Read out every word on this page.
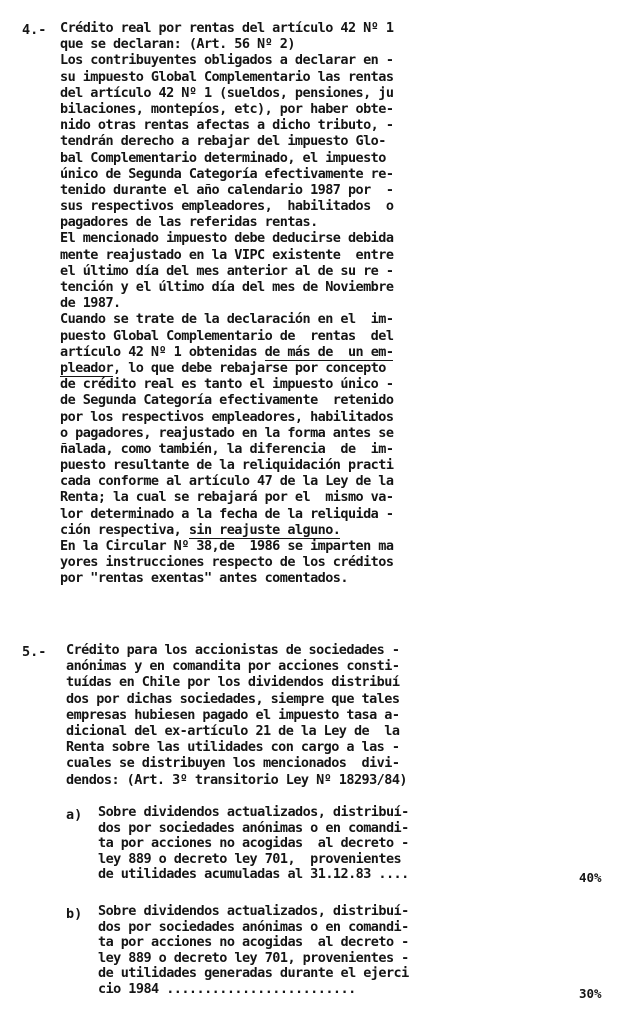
4.- Crédito real por rentas del artículo 42 Nº 1
que se declaran: (Art. 56 Nº 2)
Los contribuyentes obligados a declarar en -
su impuesto Global Complementario las rentas
del artículo 42 Nº 1 (sueldos, pensiones, ju
bilaciones, montepíos, etc), por haber obte-
nido otras rentas afectas a dicho tributo, -
tendrán derecho a rebajar del impuesto Glo-
bal Complementario determinado, el impuesto
único de Segunda Categoría efectivamente re-
tenido durante el año calendario 1987 por  -
sus respectivos empleadores,  habilitados  o
pagadores de las referidas rentas.
El mencionado impuesto debe deducirse debida
mente reajustado en la VIPC existente  entre
el último día del mes anterior al de su re -
tención y el último día del mes de Noviembre
de 1987.
Cuando se trate de la declaración en el  im-
puesto Global Complementario de  rentas  del
artículo 42 Nº 1 obtenidas de más de  un em-
pleador, lo que debe rebajarse por concepto
de crédito real es tanto el impuesto único -
de Segunda Categoría efectivamente  retenido
por los respectivos empleadores, habilitados
o pagadores, reajustado en la forma antes se
ñalada, como también, la diferencia  de  im-
puesto resultante de la reliquidación practi
cada conforme al artículo 47 de la Ley de la
Renta; la cual se rebajará por el  mismo va-
lor determinado a la fecha de la reliquida -
ción respectiva, sin reajuste alguno.
En la Circular Nº 38,de  1986 se imparten ma
yores instrucciones respecto de los créditos
por "rentas exentas" antes comentados.
5.- Crédito para los accionistas de sociedades -
anónimas y en comandita por acciones consti-
tuídas en Chile por los dividendos distribuí
dos por dichas sociedades, siempre que tales
empresas hubiesen pagado el impuesto tasa a-
dicional del ex-artículo 21 de la Ley de  la
Renta sobre las utilidades con cargo a las -
cuales se distribuyen los mencionados  divi-
dendos: (Art. 3º transitorio Ley Nº 18293/84)
a) Sobre dividendos actualizados, distribuí-
dos por sociedades anónimas o en comandi-
ta por acciones no acogidas  al decreto -
ley 889 o decreto ley 701,  provenientes
de utilidades acumuladas al 31.12.83 ....	40%
b) Sobre dividendos actualizados, distribuí-
dos por sociedades anónimas o en comandi-
ta por acciones no acogidas  al decreto -
ley 889 o decreto ley 701, provenientes -
de utilidades generadas durante el ejerci
cio 1984 .........................	30%
